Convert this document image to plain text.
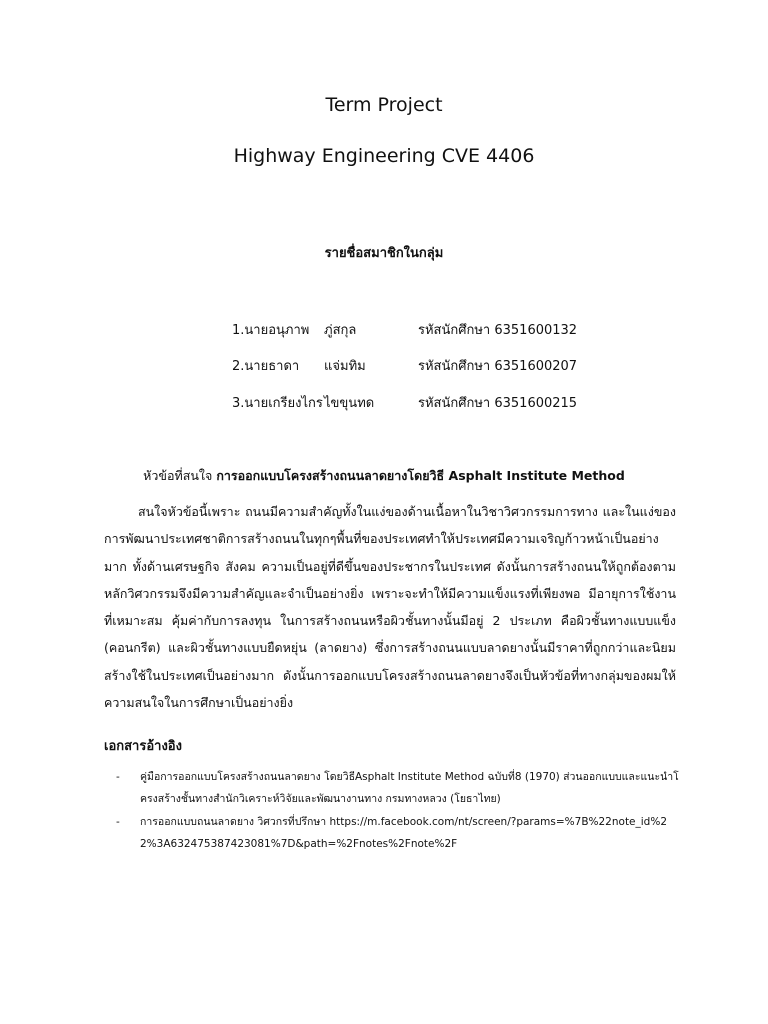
Term Project
Highway Engineering CVE 4406
รายชื่อสมาชิกในกลุ่ม
1.นายอนุภาพ ภู่สกุล	รหัสนักศึกษา 6351600132
2.นายธาดา แจ่มทิม	รหัสนักศึกษา 6351600207
3.นายเกรียงไกรไขขุนทด	รหัสนักศึกษา 6351600215
หัวข้อที่สนใจ การออกแบบโครงสร้างถนนลาดยางโดยวิธี Asphalt Institute Method

สนใจหัวข้อนี้เพราะ ถนนมีความสำคัญทั้งในแง่ของด้านเนื้อหาในวิชาวิศวกรรมการทาง และในแง่ของการพัฒนาประเทศชาติการสร้างถนนในทุกๆพื้นที่ของประเทศทำให้ประเทศมีความเจริญก้าวหน้าเป็นอย่างมาก ทั้งด้านเศรษฐกิจ สังคม ความเป็นอยู่ที่ดีขึ้นของประชากรในประเทศ ดังนั้นการสร้างถนนให้ถูกต้องตามหลักวิศวกรรมจึงมีความสำคัญและจำเป็นอย่างยิ่ง เพราะจะทำให้มีความแข็งแรงที่เพียงพอ มีอายุการใช้งานที่เหมาะสม คุ้มค่ากับการลงทุน ในการสร้างถนนหรือผิวชั้นทางนั้นมีอยู่ 2 ประเภท คือผิวชั้นทางแบบแข็ง (คอนกรีต) และผิวชั้นทางแบบยืดหยุ่น (ลาดยาง) ซึ่งการสร้างถนนแบบลาดยางนั้นมีราคาที่ถูกกว่าและนิยมสร้างใช้ในประเทศเป็นอย่างมาก ดังนั้นการออกแบบโครงสร้างถนนลาดยางจึงเป็นหัวข้อที่ทางกลุ่มของผมให้ความสนใจในการศึกษาเป็นอย่างยิ่ง

เอกสารอ้างอิง
- คู่มือการออกแบบโครงสร้างถนนลาดยาง โดยวิธีAsphalt Institute Method ฉบับที่8 (1970) ส่วนออกแบบและแนะนำโครงสร้างชั้นทางสำนักวิเคราะห์วิจัยและพัฒนางานทาง กรมทางหลวง (โยธาไทย)
- การออกแบบถนนลาดยาง วิศวกรที่ปรึกษา https://m.facebook.com/nt/screen/?params=%7B%22note_id%22%3A632475387423081%7D&path=%2Fnotes%2Fnote%2F
